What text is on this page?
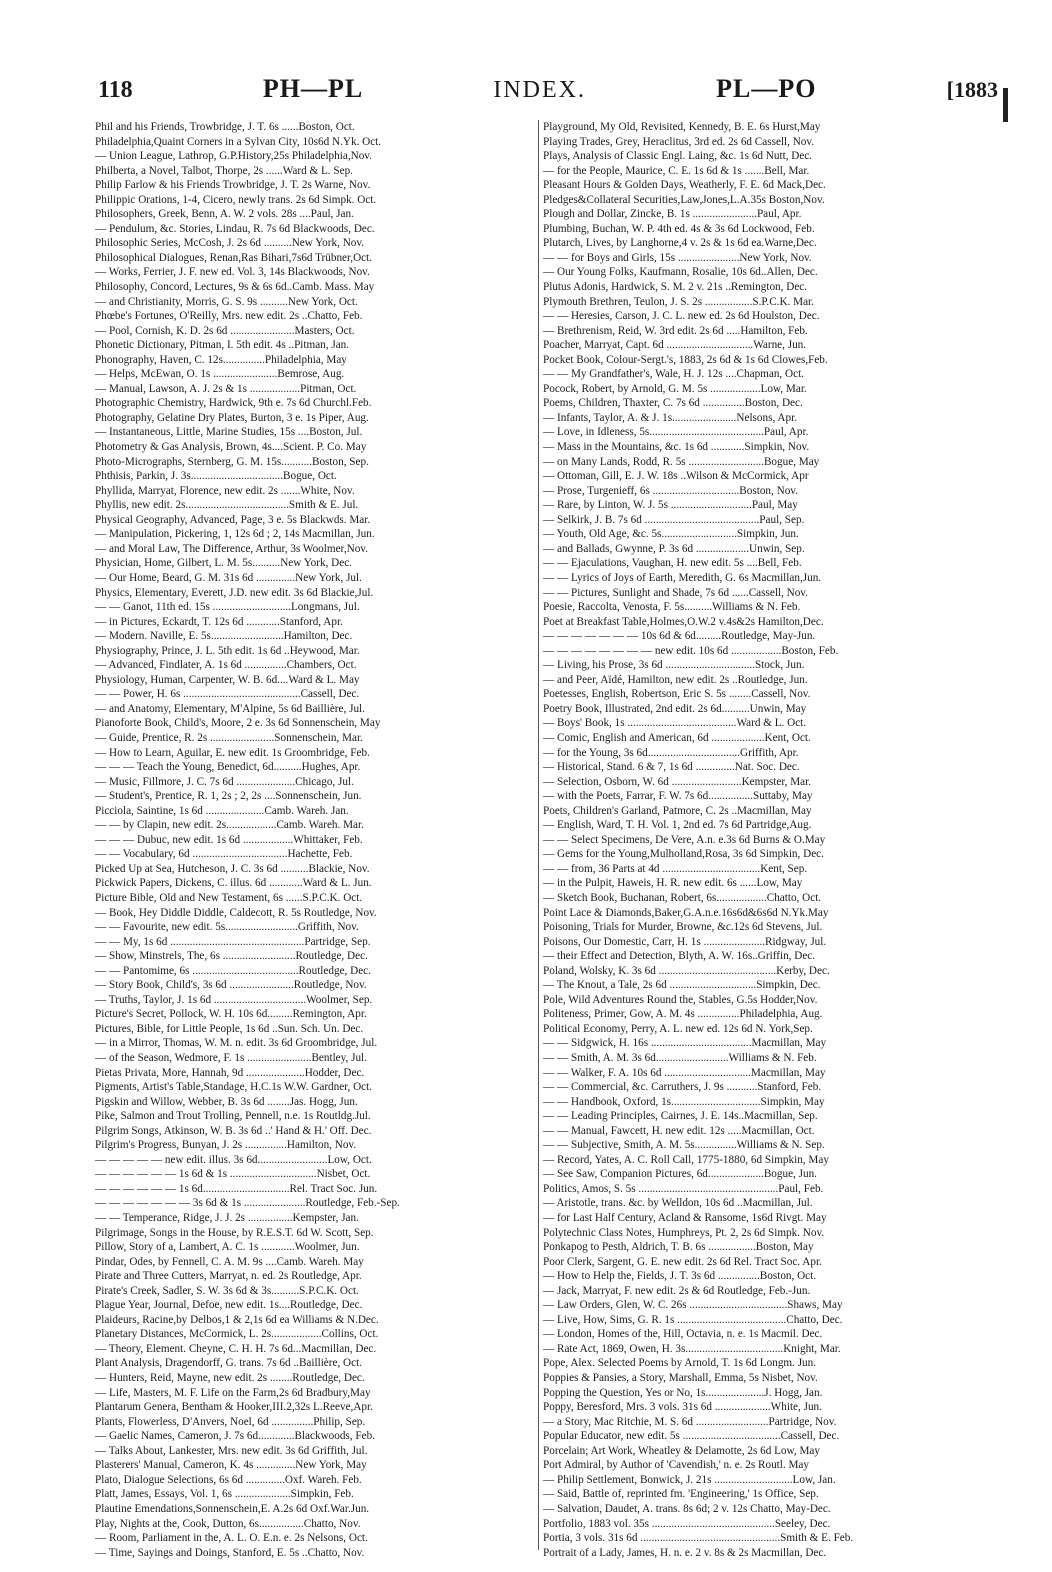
118	PH—PL	INDEX.	PL—PO	[1883
Phil and his Friends, Trowbridge, J. T. 6s ......Boston, Oct.
Philadelphia,Quaint Corners in a Sylvan City, 10s6d N.Yk. Oct.
— Union League, Lathrop, G.P.History,25s Philadelphia,Nov.
Philberta, a Novel, Talbot, Thorpe, 2s ......Ward & L. Sep.
Philip Farlow & his Friends Trowbridge, J. T. 2s Warne, Nov.
Philippic Orations, 1-4, Cicero, newly trans. 2s 6d Simpk. Oct.
Philosophers, Greek, Benn, A. W. 2 vols. 28s ....Paul, Jan.
— Pendulum, &c. Stories, Lindau, R. 7s 6d Blackwoods, Dec.
Philosophic Series, McCosh, J. 2s 6d ..........New York, Nov.
Philosophical Dialogues, Renan,Ras Bihari,7s6d Trübner,Oct.
— Works, Ferrier, J. F. new ed. Vol. 3, 14s Blackwoods, Nov.
Philosophy, Concord, Lectures, 9s & 6s 6d..Camb. Mass. May
— and Christianity, Morris, G. S. 9s ..........New York, Oct.
Phœbe's Fortunes, O'Reilly, Mrs. new edit. 2s ..Chatto, Feb.
— Pool, Cornish, K. D. 2s 6d .......................Masters, Oct.
Phonetic Dictionary, Pitman, I. 5th edit. 4s ..Pitman, Jan.
Phonography, Haven, C. 12s...............Philadelphia, May
— Helps, McEwan, O. 1s .......................Bemrose, Aug.
— Manual, Lawson, A. J. 2s & 1s ..................Pitman, Oct.
Photographic Chemistry, Hardwick, 9th e. 7s 6d Churchl.Feb.
Photography, Gelatine Dry Plates, Burton, 3 e. 1s Piper, Aug.
— Instantaneous, Little, Marine Studies, 15s ....Boston, Jul.
Photometry & Gas Analysis, Brown, 4s....Scient. P. Co. May
Photo-Micrographs, Sternberg, G. M. 15s...........Boston, Sep.
Phthisis, Parkin, J. 3s.................................Bogue, Oct.
Phyllida, Marryat, Florence, new edit. 2s .......White, Nov.
Phyllis, new edit. 2s.....................................Smith & E. Jul.
Physical Geography, Advanced, Page, 3 e. 5s Blackwds. Mar.
— Manipulation, Pickering, 1, 12s 6d ; 2, 14s Macmillan, Jun.
— and Moral Law, The Difference, Arthur, 3s Woolmer,Nov.
Physician, Home, Gilbert, L. M. 5s..........New York, Dec.
— Our Home, Beard, G. M. 31s 6d ..............New York, Jul.
Physics, Elementary, Everett, J.D. new edit. 3s 6d Blackie,Jul.
— — Ganot, 11th ed. 15s ............................Longmans, Jul.
— in Pictures, Eckardt, T. 12s 6d ............Stanford, Apr.
— Modern. Naville, E. 5s..........................Hamilton, Dec.
Physiography, Prince, J. L. 5th edit. 1s 6d ..Heywood, Mar.
— Advanced, Findlater, A. 1s 6d ...............Chambers, Oct.
Physiology, Human, Carpenter, W. B. 6d....Ward & L. May
— — Power, H. 6s ..........................................Cassell, Dec.
— and Anatomy, Elementary, M'Alpine, 5s 6d Baillière, Jul.
Pianoforte Book, Child's, Moore, 2 e. 3s 6d Sonnenschein, May
— Guide, Prentice, R. 2s .......................Sonnenschein, Mar.
— How to Learn, Aguilar, E. new edit. 1s Groombridge, Feb.
— — — Teach the Young, Benedict, 6d..........Hughes, Apr.
— Music, Fillmore, J. C. 7s 6d .....................Chicago, Jul.
— Student's, Prentice, R. 1, 2s ; 2, 2s ....Sonnenschein, Jun.
Picciola, Saintine, 1s 6d .....................Camb. Wareh. Jan.
— — by Clapin, new edit. 2s..................Camb. Wareh. Mar.
— — — Dubuc, new edit. 1s 6d ..................Whittaker, Feb.
— — Vocabulary, 6d ..................................Hachette, Feb.
Picked Up at Sea, Hutcheson, J. C. 3s 6d ..........Blackie, Nov.
Pickwick Papers, Dickens, C. illus. 6d ............Ward & L. Jun.
Picture Bible, Old and New Testament, 6s ......S.P.C.K. Oct.
— Book, Hey Diddle Diddle, Caldecott, R. 5s Routledge, Nov.
— — Favourite, new edit. 5s..........................Griffith, Nov.
— — My, 1s 6d ................................................Partridge, Sep.
— Show, Minstrels, The, 6s ..........................Routledge, Dec.
— — Pantomime, 6s ......................................Routledge, Dec.
— Story Book, Child's, 3s 6d .......................Routledge, Nov.
— Truths, Taylor, J. 1s 6d .................................Woolmer, Sep.
Picture's Secret, Pollock, W. H. 10s 6d.........Remington, Apr.
Pictures, Bible, for Little People, 1s 6d ..Sun. Sch. Un. Dec.
— in a Mirror, Thomas, W. M. n. edit. 3s 6d Groombridge, Jul.
— of the Season, Wedmore, F. 1s .......................Bentley, Jul.
Pietas Privata, More, Hannah, 9d .....................Hodder, Dec.
Pigments, Artist's Table,Standage, H.C.1s W.W. Gardner, Oct.
Pigskin and Willow, Webber, B. 3s 6d ........Jas. Hogg, Jun.
Pike, Salmon and Trout Trolling, Pennell, n.e. 1s Routldg.Jul.
Pilgrim Songs, Atkinson, W. B. 3s 6d ..' Hand & H.' Off. Dec.
Pilgrim's Progress, Bunyan, J. 2s ...............Hamilton, Nov.
— — — — — new edit. illus. 3s 6d.........................Low, Oct.
— — — — — — 1s 6d & 1s ...............................Nisbet, Oct.
— — — — — — 1s 6d...............................Rel. Tract Soc. Jun.
— — — — — — — 3s 6d & 1s ......................Routledge, Feb.-Sep.
— — Temperance, Ridge, J. J. 2s ................Kempster, Jan.
Pilgrimage, Songs in the House, by R.E.S.T. 6d W. Scott, Sep.
Pillow, Story of a, Lambert, A. C. 1s ............Woolmer, Jun.
Pindar, Odes, by Fennell, C. A. M. 9s ....Camb. Wareh. May
Pirate and Three Cutters, Marryat, n. ed. 2s Routledge, Apr.
Pirate's Creek, Sadler, S. W. 3s 6d & 3s..........S.P.C.K. Oct.
Plague Year, Journal, Defoe, new edit. 1s....Routledge, Dec.
Plaideurs, Racine,by Delbos,1 & 2,1s 6d ea Williams & N.Dec.
Planetary Distances, McCormick, L. 2s..................Collins, Oct.
— Theory, Element. Cheyne, C. H. H. 7s 6d...Macmillan, Dec.
Plant Analysis, Dragendorff, G. trans. 7s 6d ..Baillière, Oct.
— Hunters, Reid, Mayne, new edit. 2s ........Routledge, Dec.
— Life, Masters, M. F. Life on the Farm,2s 6d Bradbury,May
Plantarum Genera, Bentham & Hooker,III.2,32s L.Reeve,Apr.
Plants, Flowerless, D'Anvers, Noel, 6d ...............Philip, Sep.
— Gaelic Names, Cameron, J. 7s 6d.............Blackwoods, Feb.
— Talks About, Lankester, Mrs. new edit. 3s 6d Griffith, Jul.
Plasterers' Manual, Cameron, K. 4s ..............New York, May
Plato, Dialogue Selections, 6s 6d ..............Oxf. Wareh. Feb.
Platt, James, Essays, Vol. 1, 6s ....................Simpkin, Feb.
Plautine Emendations,Sonnenschein,E. A.2s 6d Oxf.War.Jun.
Play, Nights at the, Cook, Dutton, 6s................Chatto, Nov.
— Room, Parliament in the, A. L. O. E.n. e. 2s Nelsons, Oct.
— Time, Sayings and Doings, Stanford, E. 5s ..Chatto, Nov.
Playground, My Old, Revisited, Kennedy, B. E. 6s Hurst,May
Playing Trades, Grey, Heraclitus, 3rd ed. 2s 6d Cassell, Nov.
Plays, Analysis of Classic Engl. Laing, &c. 1s 6d Nutt, Dec.
— for the People, Maurice, C. E. 1s 6d & 1s .......Bell, Mar.
Pleasant Hours & Golden Days, Weatherly, F. E. 6d Mack,Dec.
Pledges&Collateral Securities,Law,Jones,L.A.35s Boston,Nov.
Plough and Dollar, Zincke, B. 1s .......................Paul, Apr.
Plumbing, Buchan, W. P. 4th ed. 4s & 3s 6d Lockwood, Feb.
Plutarch, Lives, by Langhorne,4 v. 2s & 1s 6d ea.Warne,Dec.
— — for Boys and Girls, 15s ......................New York, Nov.
— Our Young Folks, Kaufmann, Rosalie, 10s 6d..Allen, Dec.
Plutus Adonis, Hardwick, S. M. 2 v. 21s ..Remington, Dec.
Plymouth Brethren, Teulon, J. S. 2s .................S.P.C.K. Mar.
— — Heresies, Carson, J. C. L. new ed. 2s 6d Houlston, Dec.
— Brethrenism, Reid, W. 3rd edit. 2s 6d .....Hamilton, Feb.
Poacher, Marryat, Capt. 6d ...............................Warne, Jun.
Pocket Book, Colour-Sergt.'s, 1883, 2s 6d & 1s 6d Clowes,Feb.
— — My Grandfather's, Wale, H. J. 12s ....Chapman, Oct.
Pocock, Robert, by Arnold, G. M. 5s ..................Low, Mar.
Poems, Children, Thaxter, C. 7s 6d ...............Boston, Dec.
— Infants, Taylor, A. & J. 1s.......................Nelsons, Apr.
— Love, in Idleness, 5s.........................................Paul, Apr.
— Mass in the Mountains, &c. 1s 6d ............Simpkin, Nov.
— on Many Lands, Rodd, R. 5s ...........................Bogue, May
— Ottoman, Gill, E. J. W. 18s ..Wilson & McCormick, Apr
— Prose, Turgenieff, 6s ...............................Boston, Nov.
— Rare, by Linton, W. J. 5s .............................Paul, May
— Selkirk, J. B. 7s 6d .........................................Paul, Sep.
— Youth, Old Age, &c. 5s...........................Simpkin, Jun.
— and Ballads, Gwynne, P. 3s 6d ...................Unwin, Sep.
— — Ejaculations, Vaughan, H. new edit. 5s ....Bell, Feb.
— — Lyrics of Joys of Earth, Meredith, G. 6s Macmillan,Jun.
— — Pictures, Sunlight and Shade, 7s 6d ......Cassell, Nov.
Poesie, Raccolta, Venosta, F. 5s..........Williams & N. Feb.
Poet at Breakfast Table,Holmes,O.W.2 v.4s&2s Hamilton,Dec.
— — — — — — — 10s 6d & 6d.........Routledge, May-Jun.
— — — — — — — — new edit. 10s 6d ..................Boston, Feb.
— Living, his Prose, 3s 6d ................................Stock, Jun.
— and Peer, Aïdé, Hamilton, new edit. 2s ..Routledge, Jun.
Poetesses, English, Robertson, Eric S. 5s ........Cassell, Nov.
Poetry Book, Illustrated, 2nd edit. 2s 6d..........Unwin, May
— Boys' Book, 1s .......................................Ward & L. Oct.
— Comic, English and American, 6d ...................Kent, Oct.
— for the Young, 3s 6d.................................Griffith, Apr.
— Historical, Stand. 6 & 7, 1s 6d ..............Nat. Soc. Dec.
— Selection, Osborn, W. 6d .........................Kempster, Mar.
— with the Poets, Farrar, F. W. 7s 6d................Suttaby, May
Poets, Children's Garland, Patmore, C. 2s ..Macmillan, May
— English, Ward, T. H. Vol. 1, 2nd ed. 7s 6d Partridge,Aug.
— — Select Specimens, De Vere, A.n. e.3s 6d Burns & O.May
— Gems for the Young,Mulholland,Rosa, 3s 6d Simpkin, Dec.
— — from, 36 Parts at 4d ...................................Kent, Sep.
— in the Pulpit, Haweis, H. R. new edit. 6s ......Low, May
— Sketch Book, Buchanan, Robert, 6s..................Chatto, Oct.
Point Lace & Diamonds,Baker,G.A.n.e.16s6d&6s6d N.Yk.May
Poisoning, Trials for Murder, Browne, &c.12s 6d Stevens, Jul.
Poisons, Our Domestic, Carr, H. 1s ......................Ridgway, Jul.
— their Effect and Detection, Blyth, A. W. 16s..Griffin, Dec.
Poland, Wolsky, K. 3s 6d ..........................................Kerby, Dec.
— The Knout, a Tale, 2s 6d ...............................Simpkin, Dec.
Pole, Wild Adventures Round the, Stables, G.5s Hodder,Nov.
Politeness, Primer, Gow, A. M. 4s ...............Philadelphia, Aug.
Political Economy, Perry, A. L. new ed. 12s 6d N. York,Sep.
— — Sidgwick, H. 16s ....................................Macmillan, May
— — Smith, A. M. 3s 6d..........................Williams & N. Feb.
— — Walker, F. A. 10s 6d ...............................Macmillan, May
— — Commercial, &c. Carruthers, J. 9s ...........Stanford, Feb.
— — Handbook, Oxford, 1s................................Simpkin, May
— — Leading Principles, Cairnes, J. E. 14s..Macmillan, Sep.
— — Manual, Fawcett, H. new edit. 12s .....Macmillan, Oct.
— — Subjective, Smith, A. M. 5s...............Williams & N. Sep.
— Record, Yates, A. C. Roll Call, 1775-1880, 6d Simpkin, May
— See Saw, Companion Pictures, 6d....................Bogue, Jun.
Politics, Amos, S. 5s ..................................................Paul, Feb.
— Aristotle, trans. &c. by Welldon, 10s 6d ..Macmillan, Jul.
— for Last Half Century, Acland & Ransome, 1s6d Rivgt. May
Polytechnic Class Notes, Humphreys, Pt. 2, 2s 6d Simpk. Nov.
Ponkapog to Pesth, Aldrich, T. B. 6s .................Boston, May
Poor Clerk, Sargent, G. E. new edit. 2s 6d Rel. Tract Soc. Apr.
— How to Help the, Fields, J. T. 3s 6d ...............Boston, Oct.
— Jack, Marryat, F. new edit. 2s & 6d Routledge, Feb.-Jun.
— Law Orders, Glen, W. C. 26s ...................................Shaws, May
— Live, How, Sims, G. R. 1s .......................................Chatto, Dec.
— London, Homes of the, Hill, Octavia, n. e. 1s Macmil. Dec.
— Rate Act, 1869, Owen, H. 3s...................................Knight, Mar.
Pope, Alex. Selected Poems by Arnold, T. 1s 6d Longm. Jun.
Poppies & Pansies, a Story, Marshall, Emma, 5s Nisbet, Nov.
Popping the Question, Yes or No, 1s.....................J. Hogg, Jan.
Poppy, Beresford, Mrs. 3 vols. 31s 6d ....................White, Jun.
— a Story, Mac Ritchie, M. S. 6d ..........................Partridge, Nov.
Popular Educator, new edit. 5s ...................................Cassell, Dec.
Porcelain; Art Work, Wheatley & Delamotte, 2s 6d Low, May
Port Admiral, by Author of 'Cavendish,' n. e. 2s Routl. May
— Philip Settlement, Bonwick, J. 21s ............................Low, Jan.
— Said, Battle of, reprinted fm. 'Engineering,' 1s Office, Sep.
— Salvation, Daudet, A. trans. 8s 6d; 2 v. 12s Chatto, May-Dec.
Portfolio, 1883 vol. 35s ............................................Seeley, Dec.
Portia, 3 vols. 31s 6d ..................................................Smith & E. Feb.
Portrait of a Lady, James, H. n. e. 2 v. 8s & 2s Macmillan, Dec.
